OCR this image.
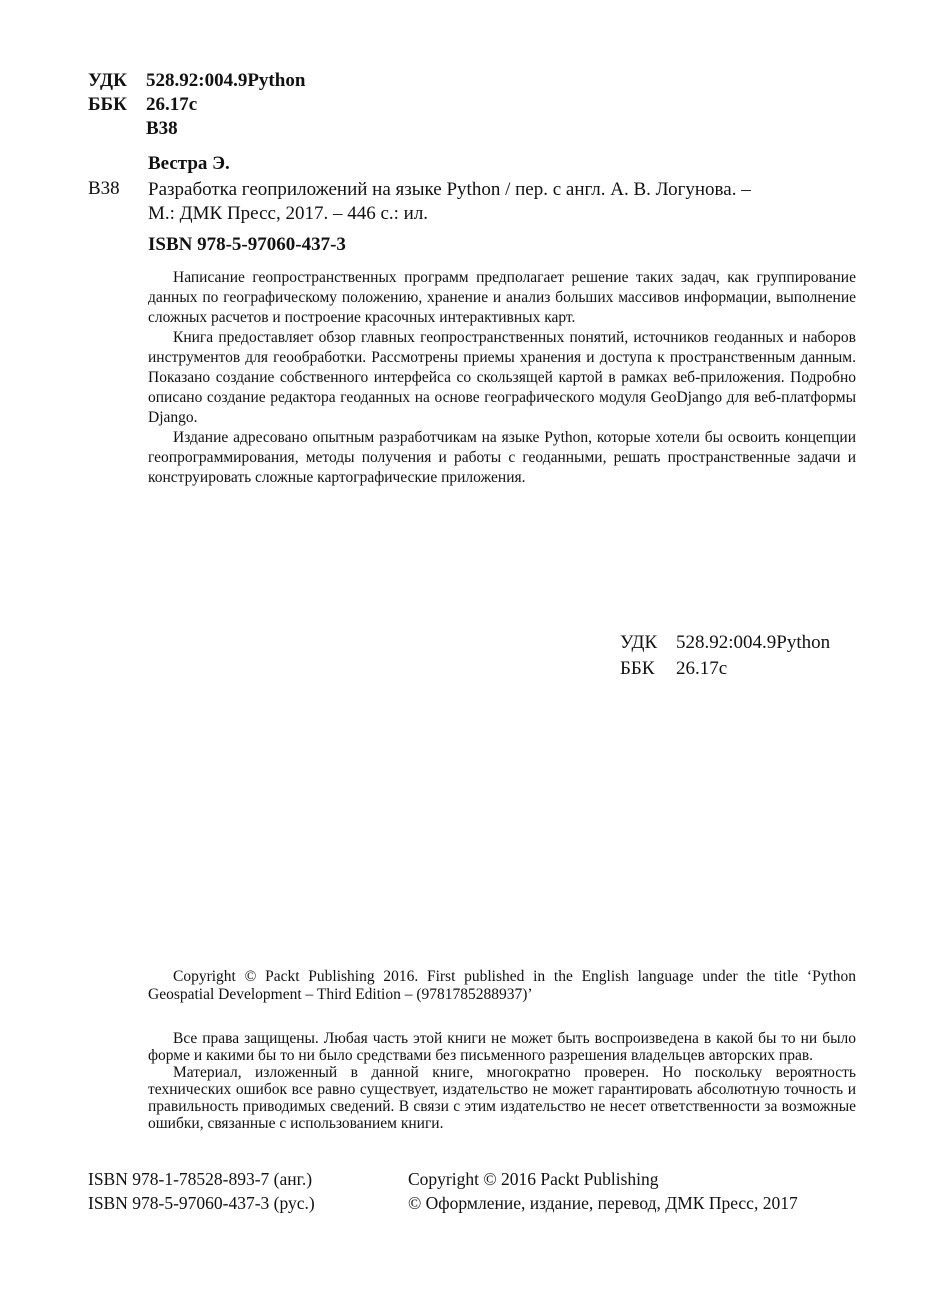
УДК 528.92:004.9Python
ББК 26.17с
В38
Вестра Э.
В38 Разработка геоприложений на языке Python / пер. с англ. А. В. Логунова. –
М.: ДМК Пресс, 2017. – 446 с.: ил.
ISBN 978-5-97060-437-3

Написание геопространственных программ предполагает решение таких задач, как группирование данных по географическому положению, хранение и анализ больших массивов информации, выполнение сложных расчетов и построение красочных интерактивных карт.

Книга предоставляет обзор главных геопространственных понятий, источников геоданных и наборов инструментов для геообработки. Рассмотрены приемы хранения и доступа к пространственным данным. Показано создание собственного интерфейса со скользящей картой в рамках веб-приложения. Подробно описано создание редактора геоданных на основе географического модуля GeoDjango для веб-платформы Django.

Издание адресовано опытным разработчикам на языке Python, которые хотели бы освоить концепции геопрограммирования, методы получения и работы с геоданными, решать пространственные задачи и конструировать сложные картографические приложения.

УДК 528.92:004.9Python
ББК 26.17с

Copyright © Packt Publishing 2016. First published in the English language under the title ‘Python Geospatial Development – Third Edition – (9781785288937)’

Все права защищены. Любая часть этой книги не может быть воспроизведена в какой бы то ни было форме и какими бы то ни было средствами без письменного разрешения владельцев авторских прав.

Материал, изложенный в данной книге, многократно проверен. Но поскольку вероятность технических ошибок все равно существует, издательство не может гарантировать абсолютную точность и правильность приводимых сведений. В связи с этим издательство не несет ответственности за возможные ошибки, связанные с использованием книги.

ISBN 978-1-78528-893-7 (анг.)
ISBN 978-5-97060-437-3 (рус.)
Copyright © 2016 Packt Publishing
© Оформление, издание, перевод, ДМК Пресс, 2017
